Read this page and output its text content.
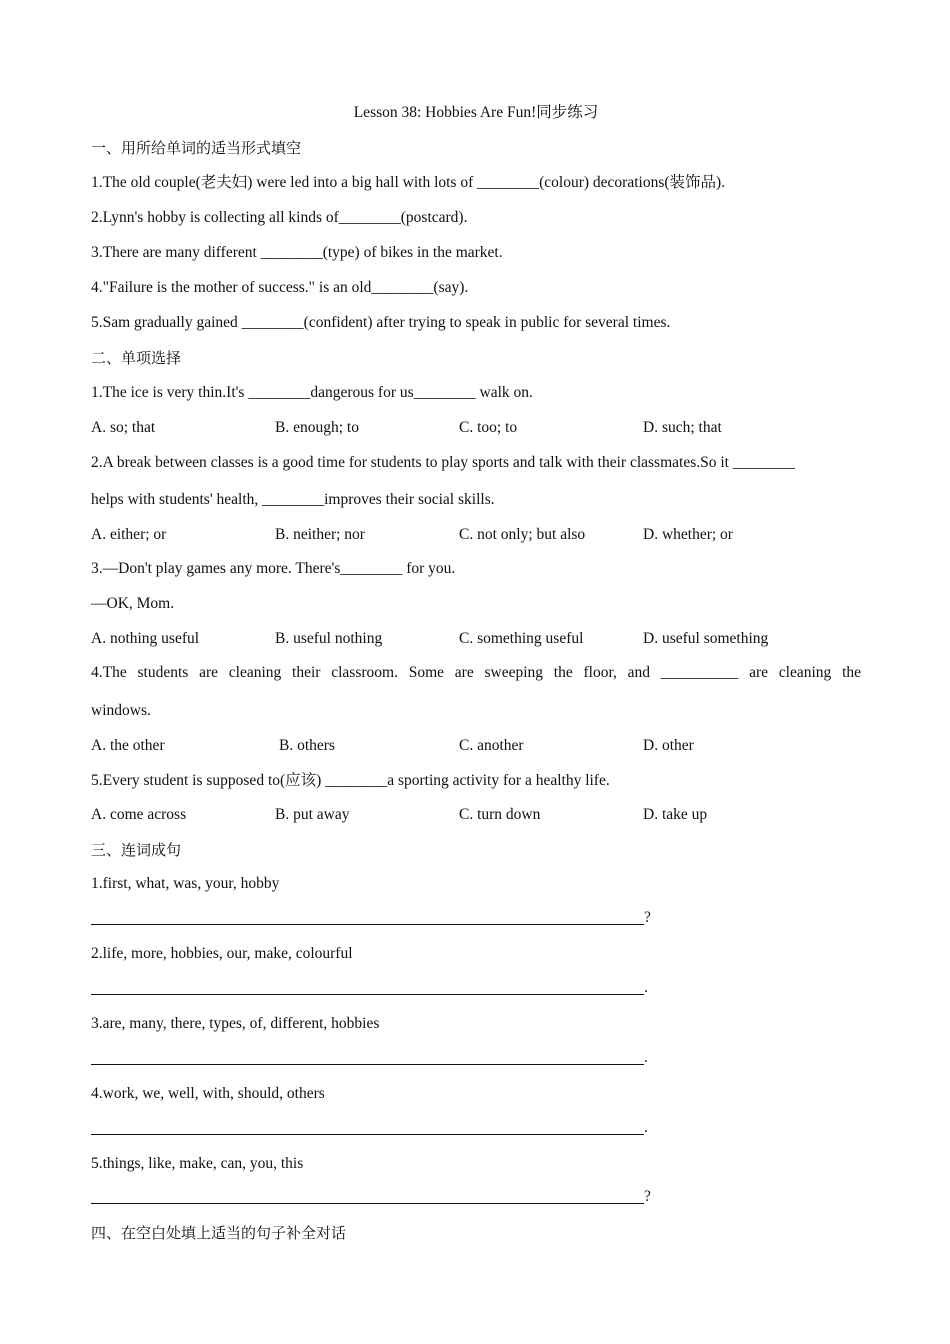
Lesson 38: Hobbies Are Fun!同步练习
一、用所给单词的适当形式填空
1.The old couple(老夫妇) were led into a big hall with lots of ________(colour) decorations(装饰品).
2.Lynn's hobby is collecting all kinds of________(postcard).
3.There are many different ________(type) of bikes in the market.
4."Failure is the mother of success." is an old________(say).
5.Sam gradually gained ________(confident) after trying to speak in public for several times.
二、单项选择
1.The ice is very thin.It's ________dangerous for us________ walk on.
A. so; that	B. enough; to	C. too; to	D. such; that
2.A break between classes is a good time for students to play sports and talk with their classmates.So it ________
helps with students' health, ________improves their social skills.
A. either; or	B. neither; nor	C. not only; but also	D. whether; or
3.—Don't play games any more. There's________ for you.
—OK, Mom.
A. nothing useful	B. useful nothing	C. something useful	D. useful something
4.The students are cleaning their classroom. Some are sweeping the floor, and __________ are cleaning the
windows.
A. the other	B. others	C. another	D. other
5.Every student is supposed to(应该) ________a sporting activity for a healthy life.
A. come across	B. put away	C. turn down	D. take up
三、连词成句
1.first, what, was, your, hobby
?
2.life, more, hobbies, our, make, colourful
.
3.are, many, there, types, of, different, hobbies
.
4.work, we, well, with, should, others
.
5.things, like, make, can, you, this
?
四、在空白处填上适当的句子补全对话
